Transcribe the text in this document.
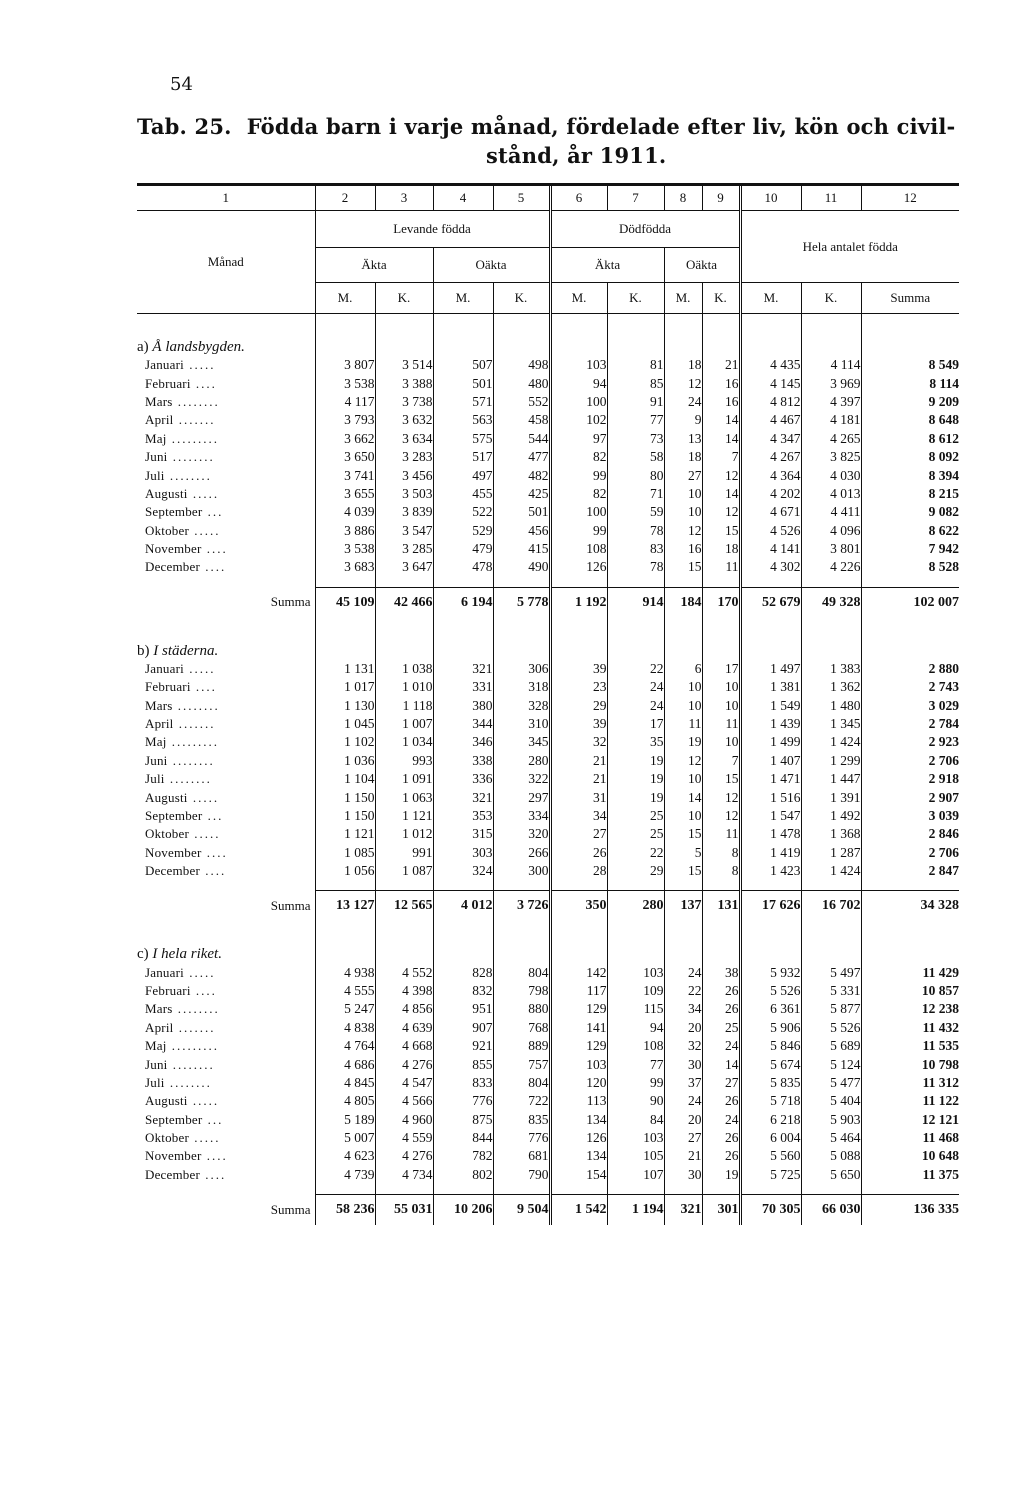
54
Tab. 25. Födda barn i varje månad, fördelade efter liv, kön och civil-
stånd, år 1911.

1	2	3	4	5	6	7	8	9	10	11	12
Månad	Levande födda				Dödfödda				Hela antalet födda		
	Äkta		Oäkta		Äkta		Oäkta				
	M.	K.	M.	K.	M.	K.	M.	K.	M.	K.	Summa
a) Å landsbygden.											
Januari .....	3 807	3 514	507	498	103	81	18	21	4 435	4 114	8 549
Februari ....	3 538	3 388	501	480	94	85	12	16	4 145	3 969	8 114
Mars ........	4 117	3 738	571	552	100	91	24	16	4 812	4 397	9 209
April .......	3 793	3 632	563	458	102	77	9	14	4 467	4 181	8 648
Maj .........	3 662	3 634	575	544	97	73	13	14	4 347	4 265	8 612
Juni ........	3 650	3 283	517	477	82	58	18	7	4 267	3 825	8 092
Juli ........	3 741	3 456	497	482	99	80	27	12	4 364	4 030	8 394
Augusti .....	3 655	3 503	455	425	82	71	10	14	4 202	4 013	8 215
September ...	4 039	3 839	522	501	100	59	10	12	4 671	4 411	9 082
Oktober .....	3 886	3 547	529	456	99	78	12	15	4 526	4 096	8 622
November ....	3 538	3 285	479	415	108	83	16	18	4 141	3 801	7 942
December ....	3 683	3 647	478	490	126	78	15	11	4 302	4 226	8 528

Summa	45 109	42 466	6 194	5 778	1 192	914	184	170	52 679	49 328	102 007
b) I städerna.											
Januari .....	1 131	1 038	321	306	39	22	6	17	1 497	1 383	2 880
Februari ....	1 017	1 010	331	318	23	24	10	10	1 381	1 362	2 743
Mars ........	1 130	1 118	380	328	29	24	10	10	1 549	1 480	3 029
April .......	1 045	1 007	344	310	39	17	11	11	1 439	1 345	2 784
Maj .........	1 102	1 034	346	345	32	35	19	10	1 499	1 424	2 923
Juni ........	1 036	993	338	280	21	19	12	7	1 407	1 299	2 706
Juli ........	1 104	1 091	336	322	21	19	10	15	1 471	1 447	2 918
Augusti .....	1 150	1 063	321	297	31	19	14	12	1 516	1 391	2 907
September ...	1 150	1 121	353	334	34	25	10	12	1 547	1 492	3 039
Oktober .....	1 121	1 012	315	320	27	25	15	11	1 478	1 368	2 846
November ....	1 085	991	303	266	26	22	5	8	1 419	1 287	2 706
December ....	1 056	1 087	324	300	28	29	15	8	1 423	1 424	2 847

Summa	13 127	12 565	4 012	3 726	350	280	137	131	17 626	16 702	34 328
c) I hela riket.											
Januari .....	4 938	4 552	828	804	142	103	24	38	5 932	5 497	11 429
Februari ....	4 555	4 398	832	798	117	109	22	26	5 526	5 331	10 857
Mars ........	5 247	4 856	951	880	129	115	34	26	6 361	5 877	12 238
April .......	4 838	4 639	907	768	141	94	20	25	5 906	5 526	11 432
Maj .........	4 764	4 668	921	889	129	108	32	24	5 846	5 689	11 535
Juni ........	4 686	4 276	855	757	103	77	30	14	5 674	5 124	10 798
Juli ........	4 845	4 547	833	804	120	99	37	27	5 835	5 477	11 312
Augusti .....	4 805	4 566	776	722	113	90	24	26	5 718	5 404	11 122
September ...	5 189	4 960	875	835	134	84	20	24	6 218	5 903	12 121
Oktober .....	5 007	4 559	844	776	126	103	27	26	6 004	5 464	11 468
November ....	4 623	4 276	782	681	134	105	21	26	5 560	5 088	10 648
December ....	4 739	4 734	802	790	154	107	30	19	5 725	5 650	11 375

Summa	58 236	55 031	10 206	9 504	1 542	1 194	321	301	70 305	66 030	136 335
